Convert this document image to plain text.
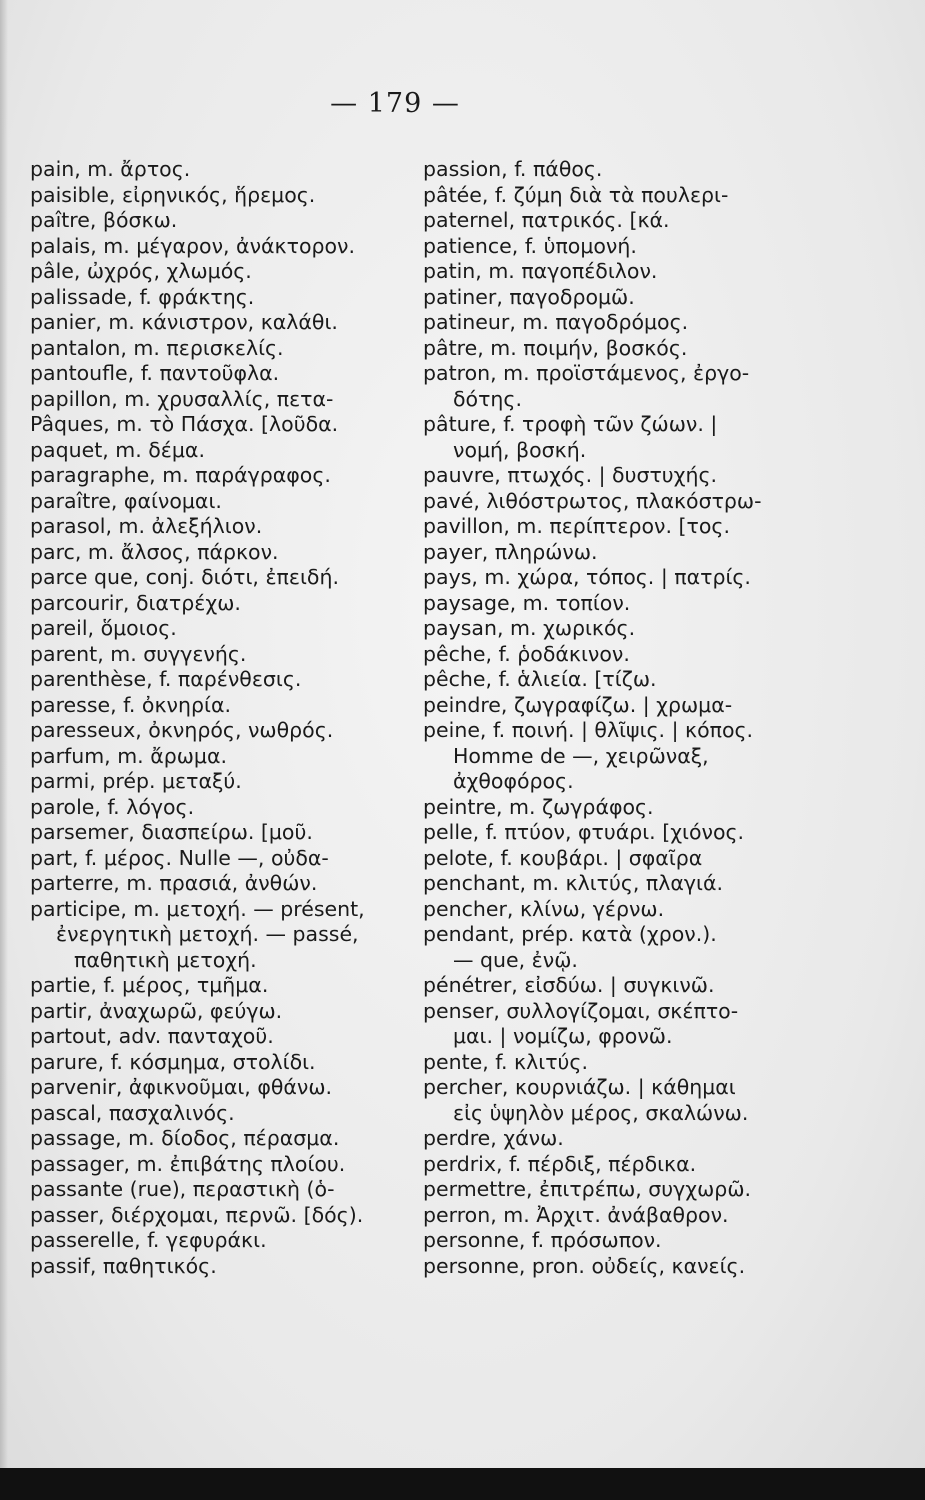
— 179 —
pain, m. ἄρτος.
paisible, εἰρηνικός, ἥρεμος.
paître, βόσκω.
palais, m. μέγαρον, ἀνάκτορον.
pâle, ὠχρός, χλωμός.
palissade, f. φράκτης.
panier, m. κάνιστρον, καλάθι.
pantalon, m. περισκελίς.
pantoufle, f. παντοῦφλα.
papillon, m. χρυσαλλίς, πετα-
Pâques, m. τὸ Πάσχα. [λοῦδα.
paquet, m. δέμα.
paragraphe, m. παράγραφος.
paraître, φαίνομαι.
parasol, m. ἀλεξήλιον.
parc, m. ἄλσος, πάρκον.
parce que, conj. διότι, ἐπειδή.
parcourir, διατρέχω.
pareil, ὅμοιος.
parent, m. συγγενής.
parenthèse, f. παρένθεσις.
paresse, f. ὀκνηρία.
paresseux, ὀκνηρός, νωθρός.
parfum, m. ἄρωμα.
parmi, prép. μεταξύ.
parole, f. λόγος.
parsemer, διασπείρω. [μοῦ.
part, f. μέρος. Nulle —, οὐδα-
parterre, m. πρασιά, ἀνθών.
participe, m. μετοχή. — présent,
ἐνεργητικὴ μετοχή. — passé,
παθητικὴ μετοχή.
partie, f. μέρος, τμῆμα.
partir, ἀναχωρῶ, φεύγω.
partout, adv. πανταχοῦ.
parure, f. κόσμημα, στολίδι.
parvenir, ἀφικνοῦμαι, φθάνω.
pascal, πασχαλινός.
passage, m. δίοδος, πέρασμα.
passager, m. ἐπιβάτης πλοίου.
passante (rue), περαστικὴ (ὁ-
passer, διέρχομαι, περνῶ. [δός).
passerelle, f. γεφυράκι.
passif, παθητικός.
passion, f. πάθος.
pâtée, f. ζύμη διὰ τὰ πουλερι-
paternel, πατρικός. [κά.
patience, f. ὑπομονή.
patin, m. παγοπέδιλον.
patiner, παγοδρομῶ.
patineur, m. παγοδρόμος.
pâtre, m. ποιμήν, βοσκός.
patron, m. προϊστάμενος, ἐργο-
δότης.
pâture, f. τροφὴ τῶν ζώων. |
νομή, βοσκή.
pauvre, πτωχός. | δυστυχής.
pavé, λιθόστρωτος, πλακόστρω-
pavillon, m. περίπτερον. [τος.
payer, πληρώνω.
pays, m. χώρα, τόπος. | πατρίς.
paysage, m. τοπίον.
paysan, m. χωρικός.
pêche, f. ῥοδάκινον.
pêche, f. ἁλιεία. [τίζω.
peindre, ζωγραφίζω. | χρωμα-
peine, f. ποινή. | θλῖψις. | κόπος.
Homme de —, χειρῶναξ,
ἀχθοφόρος.
peintre, m. ζωγράφος.
pelle, f. πτύον, φτυάρι. [χιόνος.
pelote, f. κουβάρι. | σφαῖρα
penchant, m. κλιτύς, πλαγιά.
pencher, κλίνω, γέρνω.
pendant, prép. κατὰ (χρον.).
— que, ἐνῷ.
pénétrer, εἰσδύω. | συγκινῶ.
penser, συλλογίζομαι, σκέπτο-
μαι. | νομίζω, φρονῶ.
pente, f. κλιτύς.
percher, κουρνιάζω. | κάθημαι
εἰς ὑψηλὸν μέρος, σκαλώνω.
perdre, χάνω.
perdrix, f. πέρδιξ, πέρδικα.
permettre, ἐπιτρέπω, συγχωρῶ.
perron, m. Ἀρχιτ. ἀνάβαθρον.
personne, f. πρόσωπον.
personne, pron. οὐδείς, κανείς.
